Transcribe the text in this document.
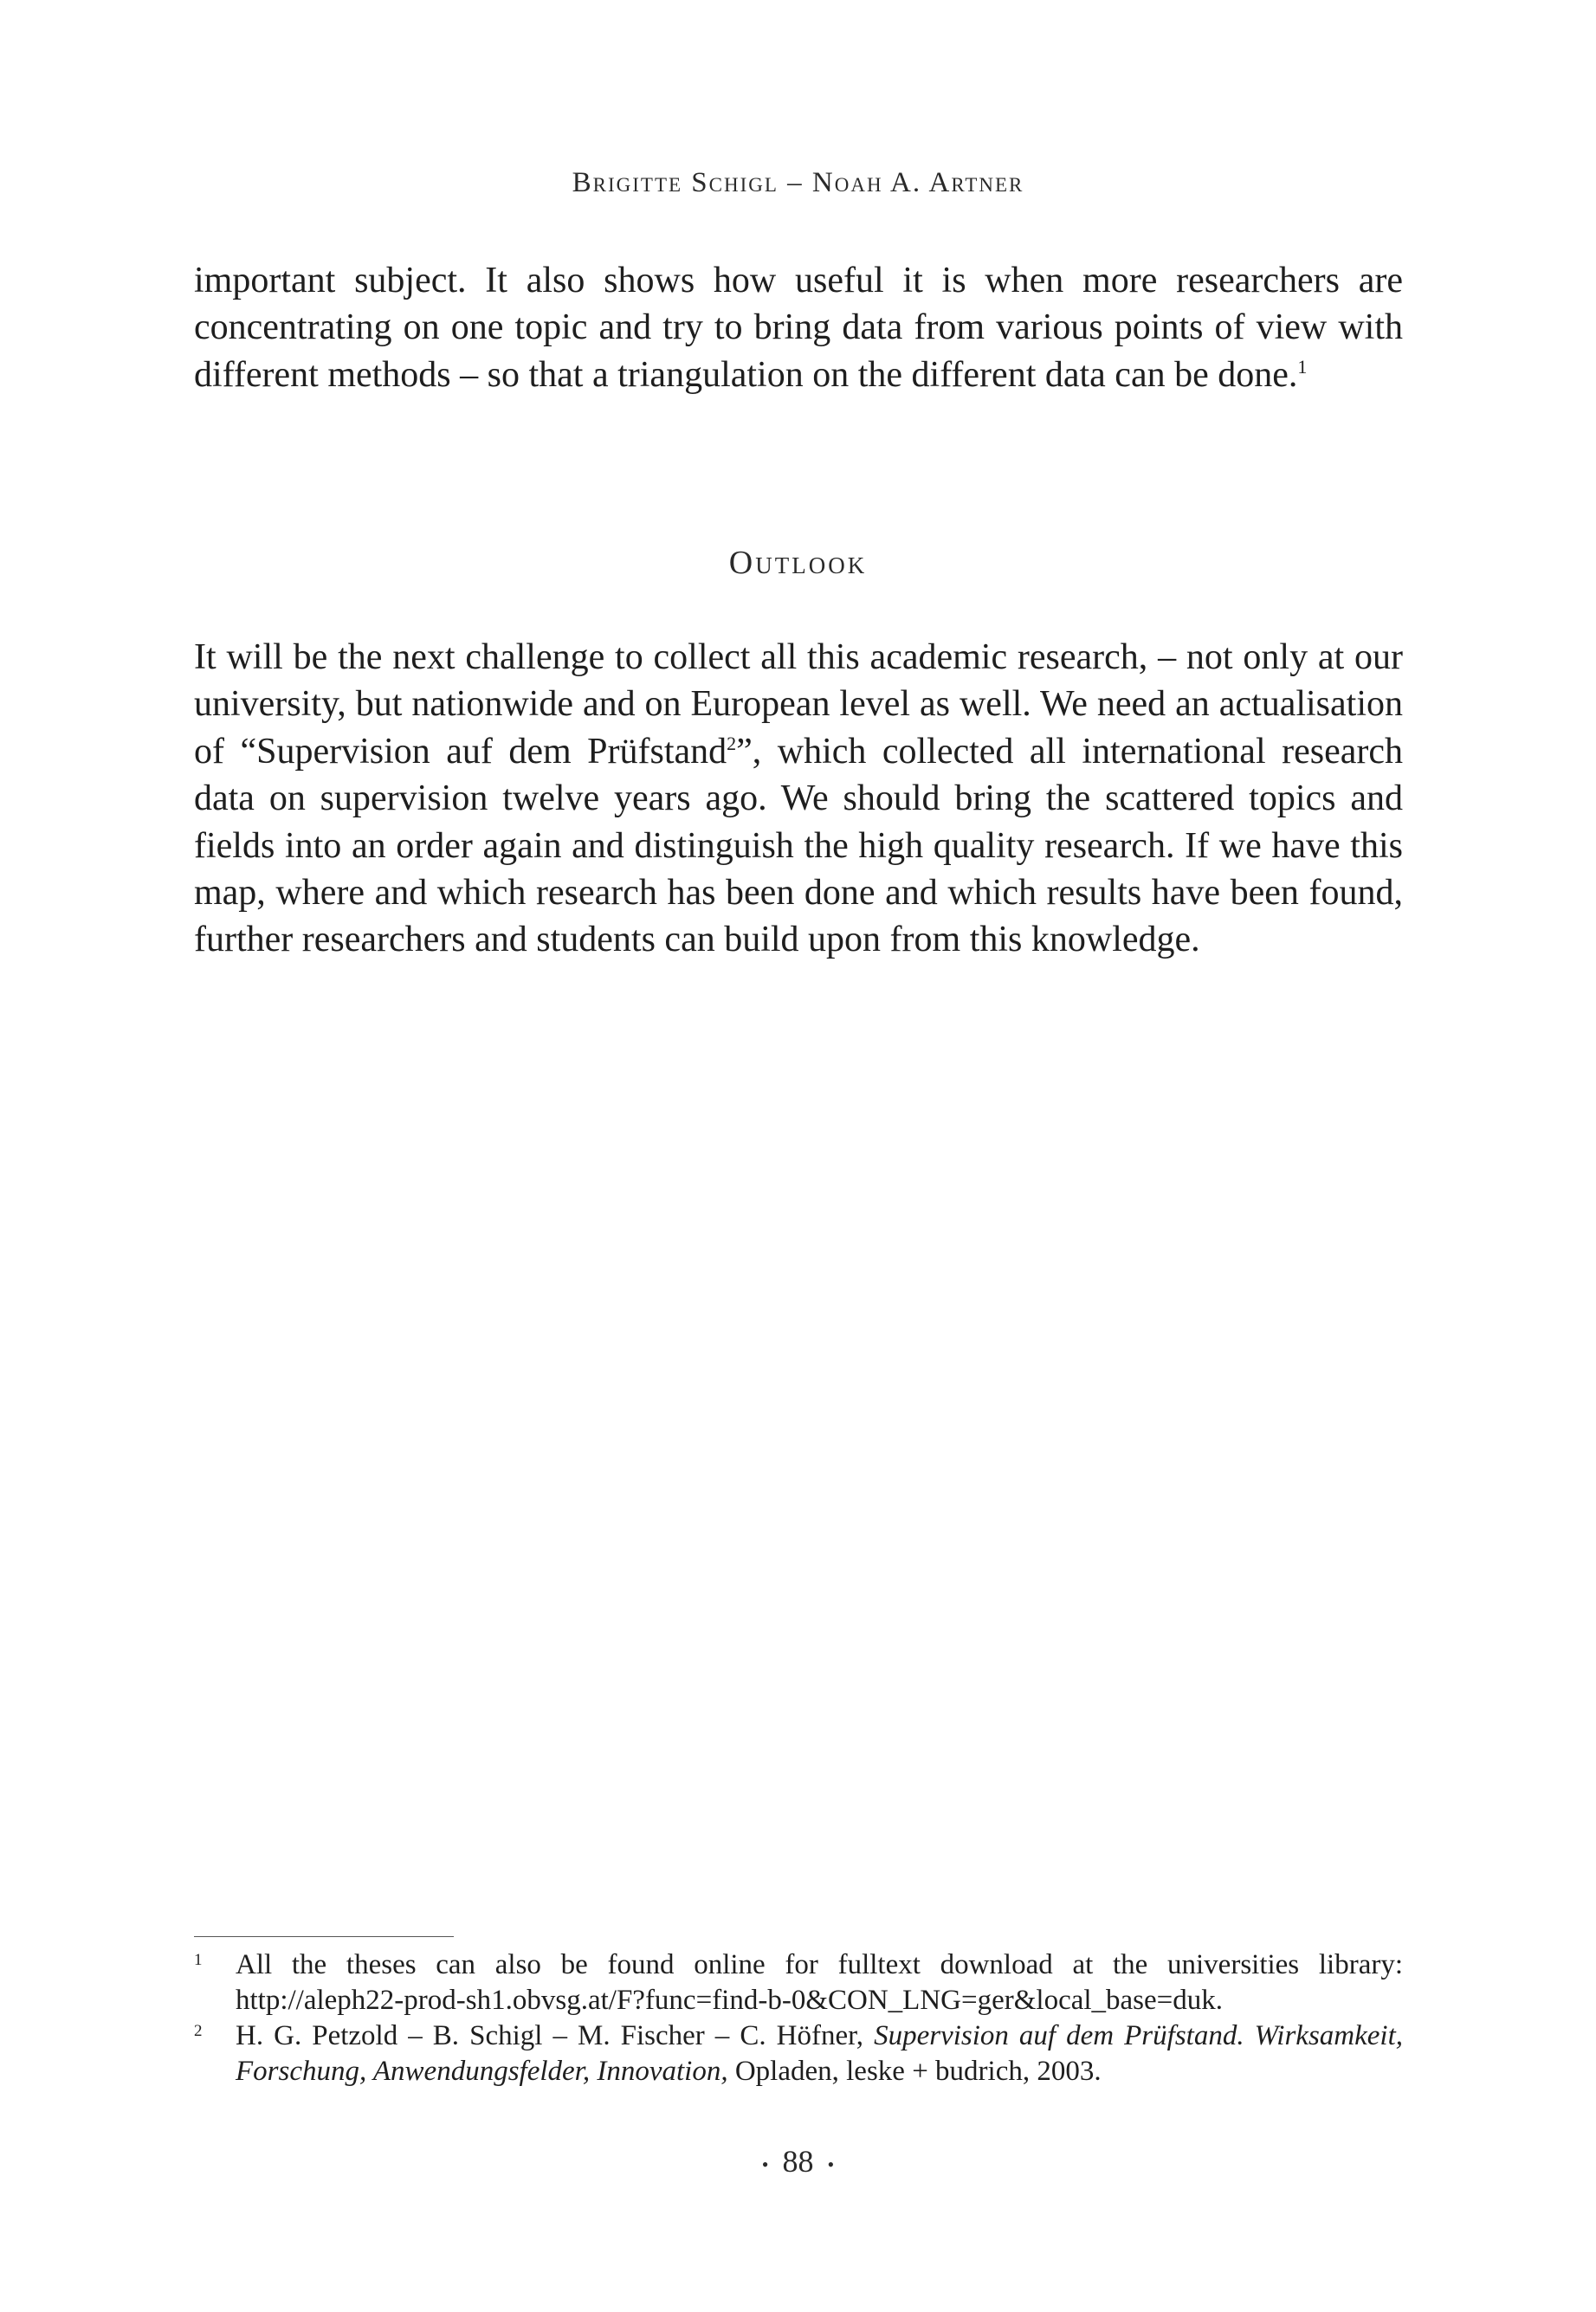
Brigitte Schigl – Noah A. Artner

important subject. It also shows how useful it is when more researchers are concentrating on one topic and try to bring data from various points of view with different methods – so that a triangulation on the different data can be done.$^1$

Outlook

It will be the next challenge to collect all this academic research, – not only at our university, but nationwide and on European level as well. We need an actualisation of “Supervision auf dem Prüfstand$^2$”, which collected all international research data on supervision twelve years ago. We should bring the scattered topics and fields into an order again and distinguish the high quality research. If we have this map, where and which research has been done and which results have been found, further researchers and students can build upon from this knowledge.

1 All the theses can also be found online for fulltext download at the universities library: http://aleph22-prod-sh1.obvsg.at/F?func=find-b-0&CON_LNG=ger&local_base=duk.
2 H. G. Petzold – B. Schigl – M. Fischer – C. Höfner, Supervision auf dem Prüfstand. Wirksamkeit, Forschung, Anwendungsfelder, Innovation, Opladen, leske + budrich, 2003.
• 88 •
